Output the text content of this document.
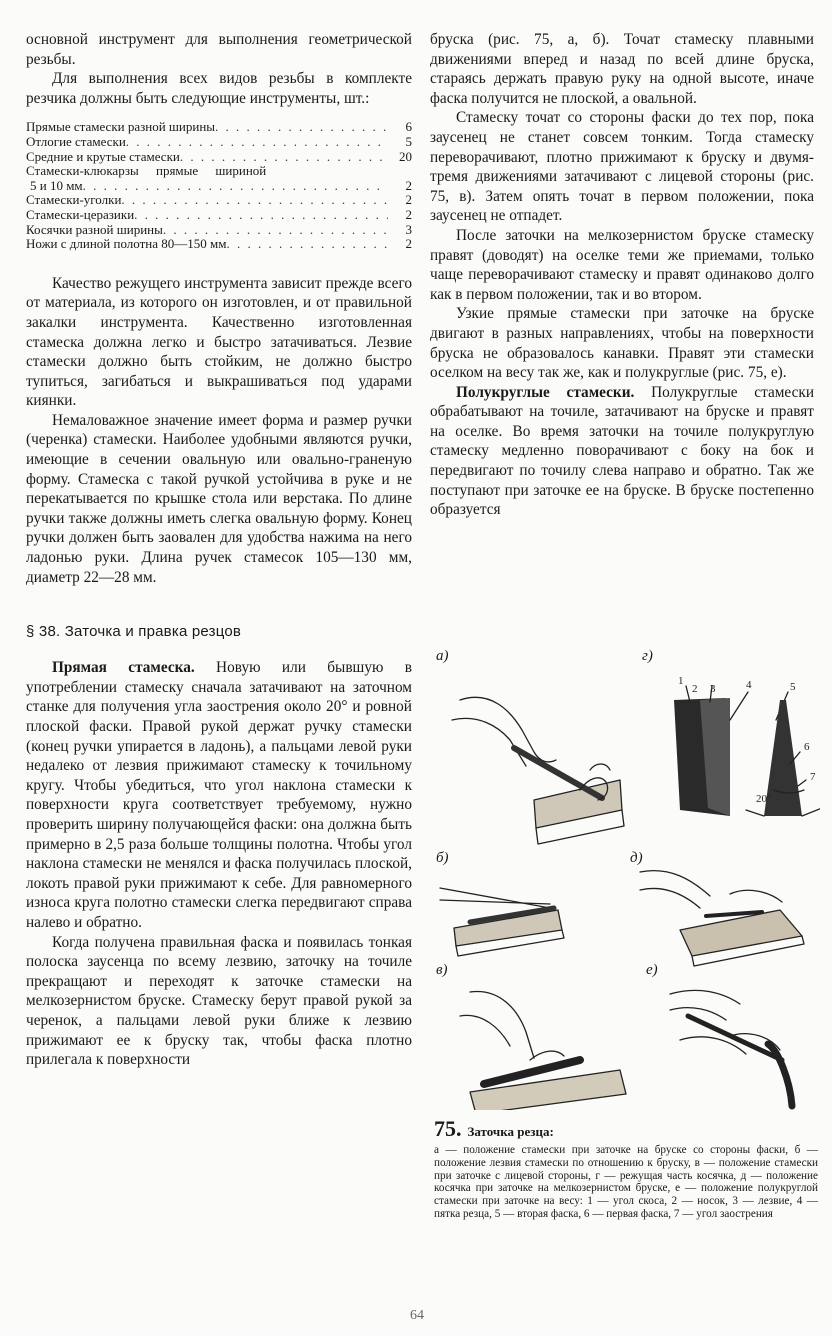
основной инструмент для выполнения геометрической резьбы.

Для выполнения всех видов резьбы в комплекте резчика должны быть следующие инструменты, шт.:

Прямые стамески разной ширины . . .	6
Отлогие стамески . . .	5
Средние и крутые стамески . . .	20
Стамески-клюкарзы прямые шириной
5 и 10 мм . . .	2
Стамески-уголки . . .	2
Стамески-церазики . . .	2
Косячки разной ширины . . .	3
Ножи с длиной полотна 80—150 мм . . .	2

Качество режущего инструмента зависит прежде всего от материала, из которого он изготовлен, и от правильной закалки инструмента. Качественно изготовленная стамеска должна легко и быстро затачиваться. Лезвие стамески должно быть стойким, не должно быстро тупиться, загибаться и выкрашиваться под ударами киянки.

Немаловажное значение имеет форма и размер ручки (черенка) стамески. Наиболее удобными являются ручки, имеющие в сечении овальную или овально-граненую форму. Стамеска с такой ручкой устойчива в руке и не перекатывается по крышке стола или верстака. По длине ручки также должны иметь слегка овальную форму. Конец ручки должен быть заовален для удобства нажима на него ладонью руки. Длина ручек стамесок 105—130 мм, диаметр 22—28 мм.

§ 38. Заточка и правка резцов

Прямая стамеска. Новую или бывшую в употреблении стамеску сначала затачивают на заточном станке для получения угла заострения около 20° и ровной плоской фаски. Правой рукой держат ручку стамески (конец ручки упирается в ладонь), а пальцами левой руки недалеко от лезвия прижимают стамеску к точильному кругу. Чтобы убедиться, что угол наклона стамески к поверхности круга соответствует требуемому, нужно проверить ширину получающейся фаски: она должна быть примерно в 2,5 раза больше толщины полотна. Чтобы угол наклона стамески не менялся и фаска получилась плоской, локоть правой руки прижимают к себе. Для равномерного износа круга полотно стамески слегка передвигают справа налево и обратно.

Когда получена правильная фаска и появилась тонкая полоска заусенца по всему лезвию, заточку на точиле прекращают и переходят к заточке стамески на мелкозернистом бруске. Стамеску берут правой рукой за черенок, а пальцами левой руки ближе к лезвию прижимают ее к бруску так, чтобы фаска плотно прилегала к поверхности

бруска (рис. 75, а, б). Точат стамеску плавными движениями вперед и назад по всей длине бруска, стараясь держать правую руку на одной высоте, иначе фаска получится не плоской, а овальной.

Стамеску точат со стороны фаски до тех пор, пока заусенец не станет совсем тонким. Тогда стамеску переворачивают, плотно прижимают к бруску и двумя-тремя движениями затачивают с лицевой стороны (рис. 75, в). Затем опять точат в первом положении, пока заусенец не отпадет.

После заточки на мелкозернистом бруске стамеску правят (доводят) на оселке теми же приемами, только чаще переворачивают стамеску и правят одинаково долго как в первом положении, так и во втором.

Узкие прямые стамески при заточке на бруске двигают в разных направлениях, чтобы на поверхности бруска не образовалось канавки. Правят эти стамески оселком на весу так же, как и полукруглые (рис. 75, е).

Полукруглые стамески. Полукруглые стамески обрабатывают на точиле, затачивают на бруске и правят на оселке. Во время заточки на точиле полукруглую стамеску медленно поворачивают с боку на бок и передвигают по точилу слева направо и обратно. Так же поступают при заточке ее на бруске. В бруске постепенно образуется

1
2 3	4	5
6
7
20°
а)	г)
б)	д)
в)	е)
75. Заточка резца:
а — положение стамески при заточке на бруске со стороны фаски, б — положение лезвия стамески по отношению к бруску, в — положение стамески при заточке с лицевой стороны, г — режущая часть косячка, д — положение косячка при заточке на мелкозернистом бруске, е — положение полукруглой стамески при заточке на весу: 1 — угол скоса, 2 — носок, 3 — лезвие, 4 — пятка резца, 5 — вторая фаска, 6 — первая фаска, 7 — угол заострения
64
